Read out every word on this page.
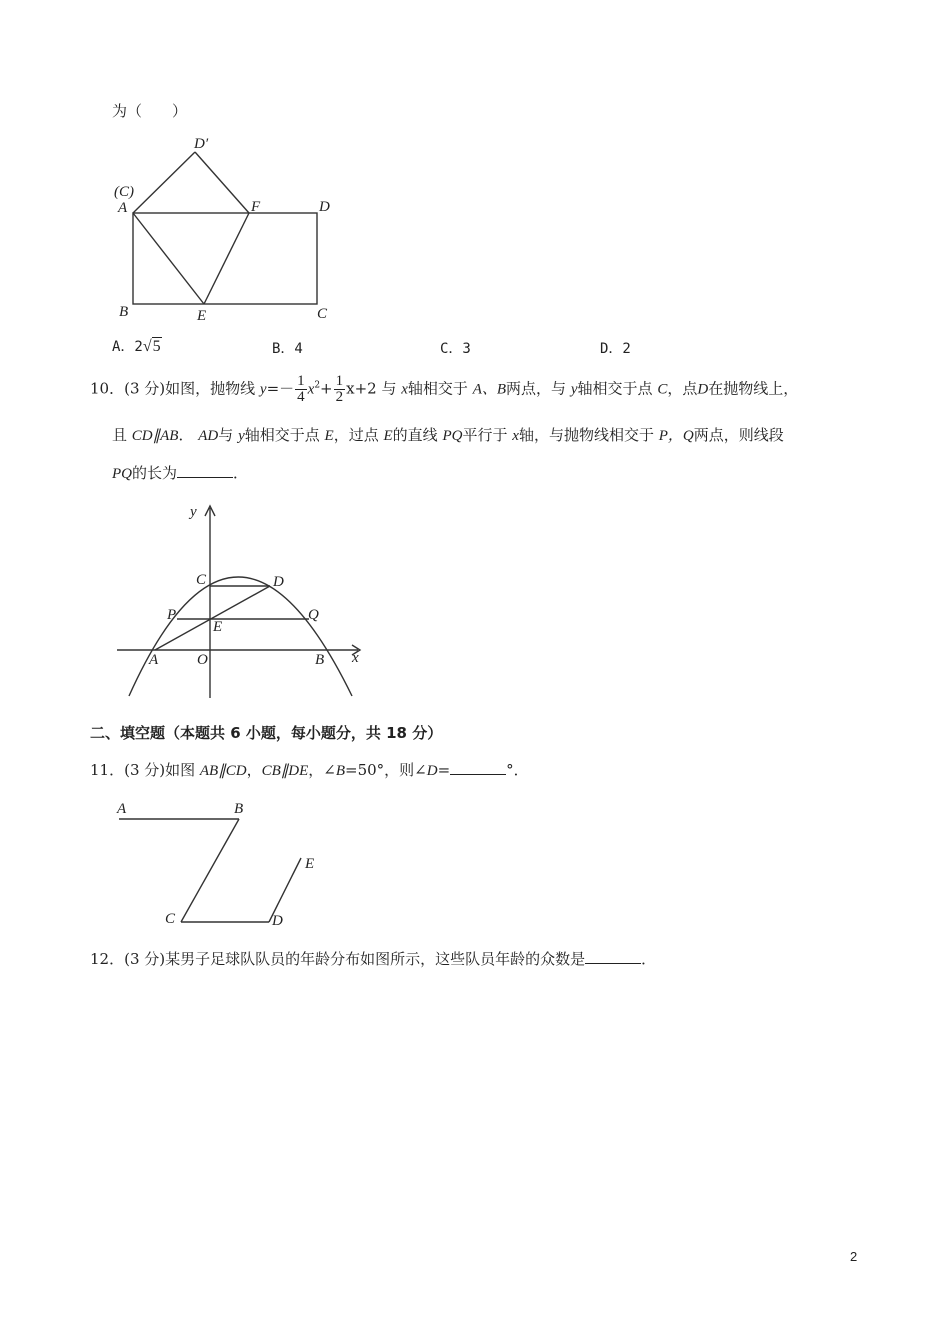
为（　　）
D′
(C)
A	F	D
B	E	C
A．2√5	B．4	C．3	D．2
10．(3 分)如图，抛物线 $y=- \frac{1}{4} x^2+ \frac{1}{2} x+2$ 与 x轴相交于 A、B两点，与 y轴相交于点 C，点D在抛物线上，
且 CD∥AB． AD与 y轴相交于点 E，过点 E的直线 PQ平行于 x轴，与抛物线相交于 P，Q两点，则线段
PQ的长为	．
y
x
C	D
P	Q
E
A	O	B
二、填空题（本题共 6 小题，每小题分，共 18 分）
11．(3 分)如图 AB∥CD，CB∥DE，∠B=50°，则∠D=	°．
A	B
C	D
E
12．(3 分)某男子足球队队员的年龄分布如图所示，这些队员年龄的众数是	．
2
